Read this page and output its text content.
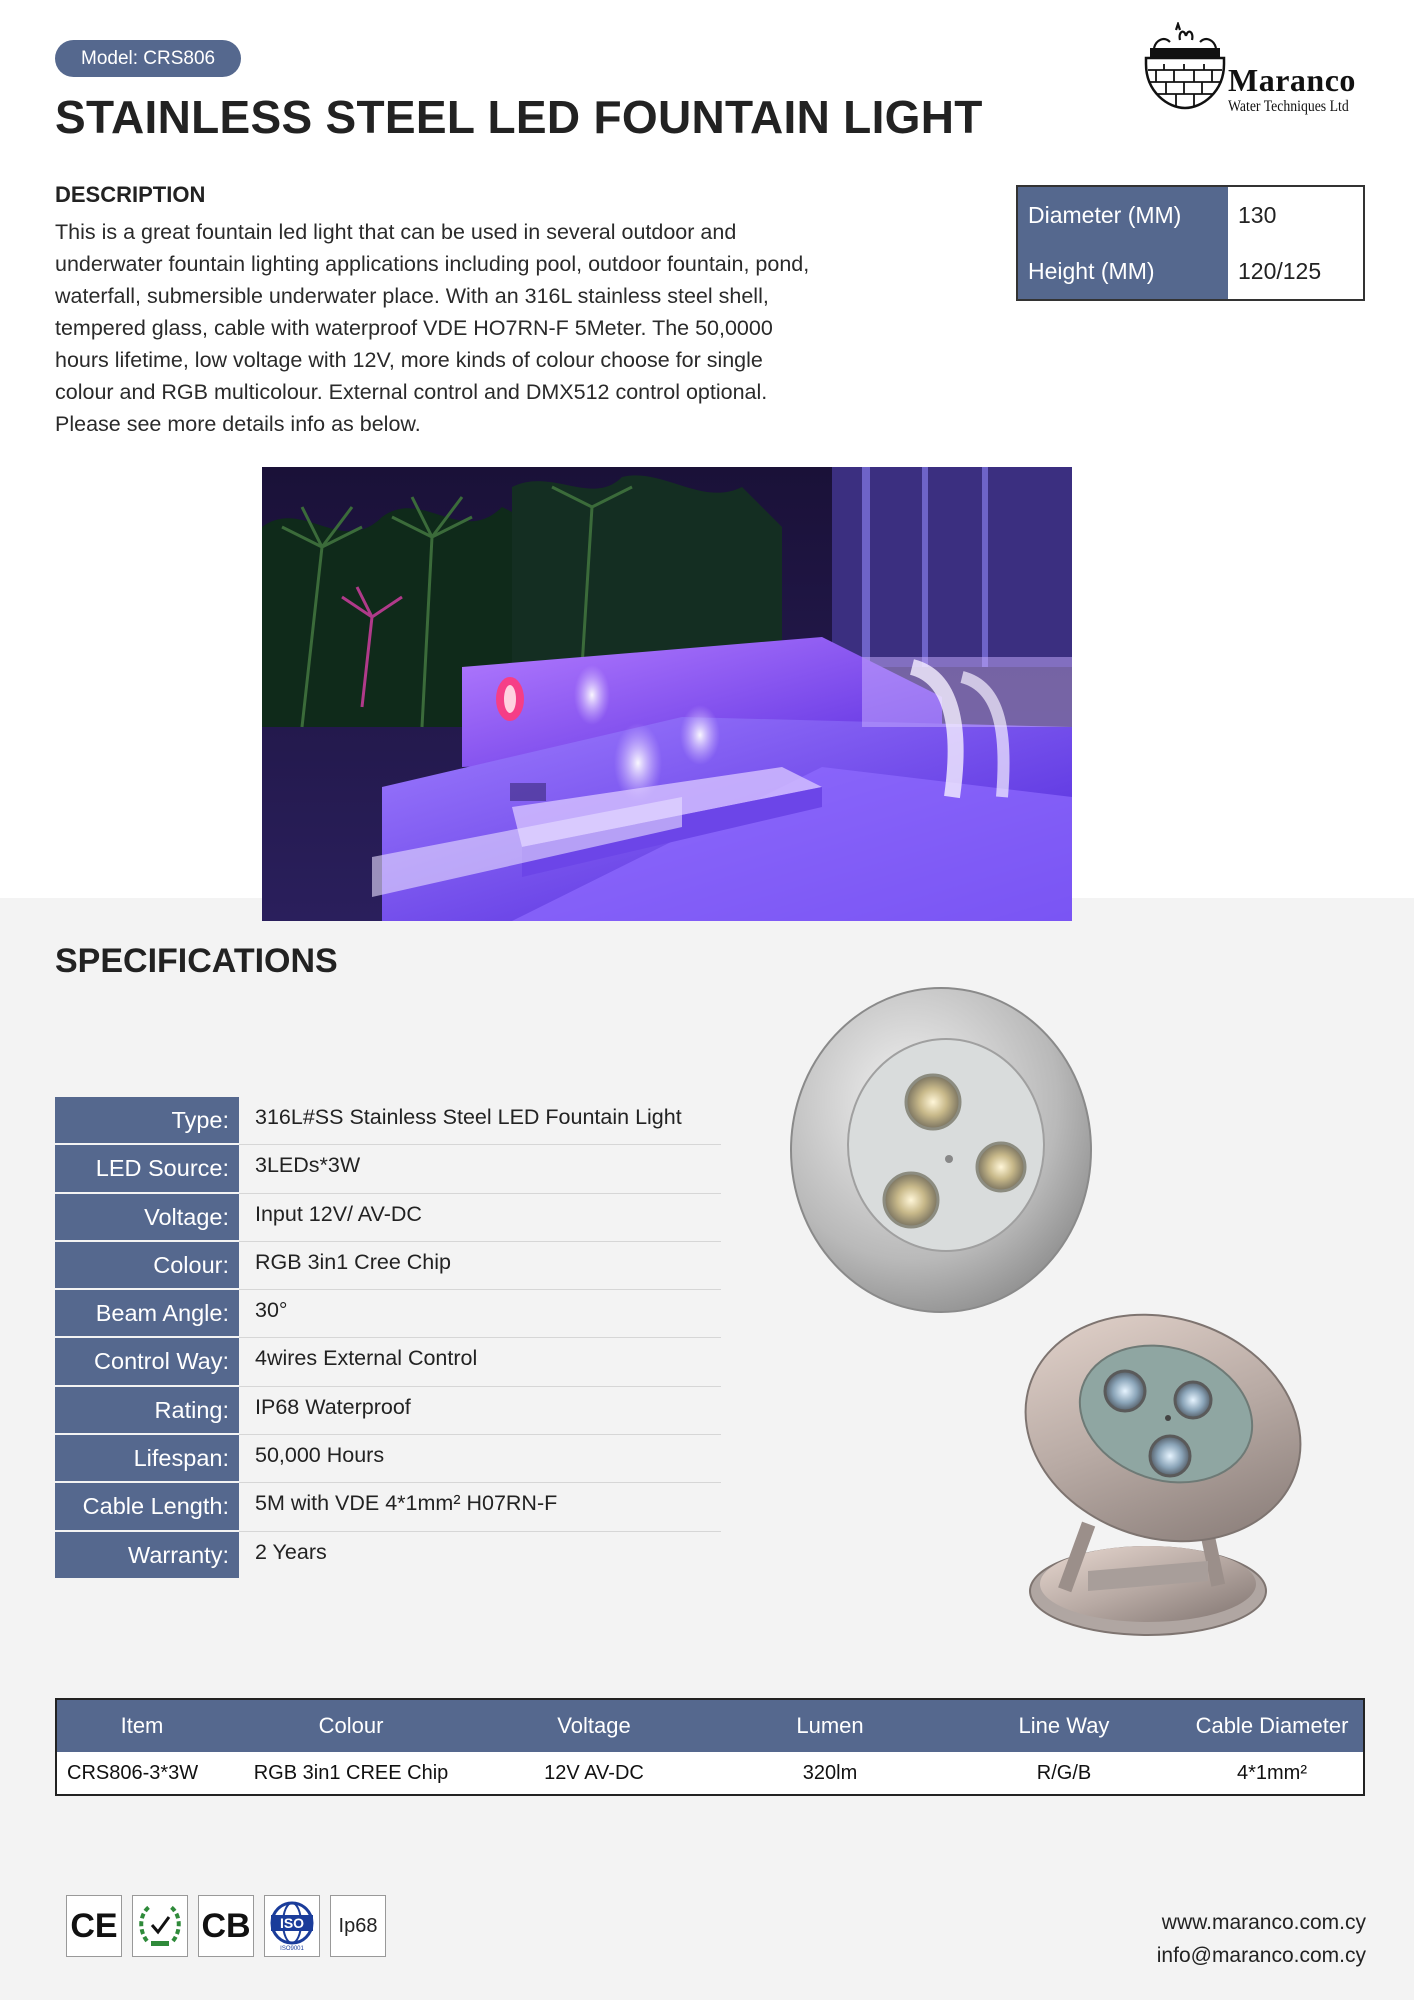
Model: CRS806
Maranco
Water Techniques Ltd
STAINLESS STEEL LED FOUNTAIN LIGHT
DESCRIPTION
This is a great fountain led light that can be used in several outdoor and
underwater fountain lighting applications including pool, outdoor fountain, pond,
waterfall, submersible underwater place. With an 316L stainless steel shell,
tempered glass, cable with waterproof VDE HO7RN-F 5Meter. The 50,0000
hours lifetime, low voltage with 12V, more kinds of colour choose for single
colour and RGB multicolour. External control and DMX512 control optional.
Please see more details info as below.
Diameter (MM)	130
Height (MM)	120/125
SPECIFICATIONS
Type:	316L#SS Stainless Steel LED Fountain Light
LED Source:	3LEDs*3W
Voltage:	Input 12V/ AV-DC
Colour:	RGB 3in1 Cree Chip
Beam Angle:	30°
Control Way:	4wires External Control
Rating:	IP68 Waterproof
Lifespan:	50,000 Hours
Cable Length:	5M with VDE 4*1mm² H07RN-F
Warranty:	2 Years
Item	Colour	Voltage	Lumen	Line Way	Cable Diameter
CRS806-3*3W	RGB 3in1 CREE Chip	12V AV-DC	320lm	R/G/B	4*1mm²
CE CB ISO
ISO9001
Ip68	www.maranco.com.cy
info@maranco.com.cy
